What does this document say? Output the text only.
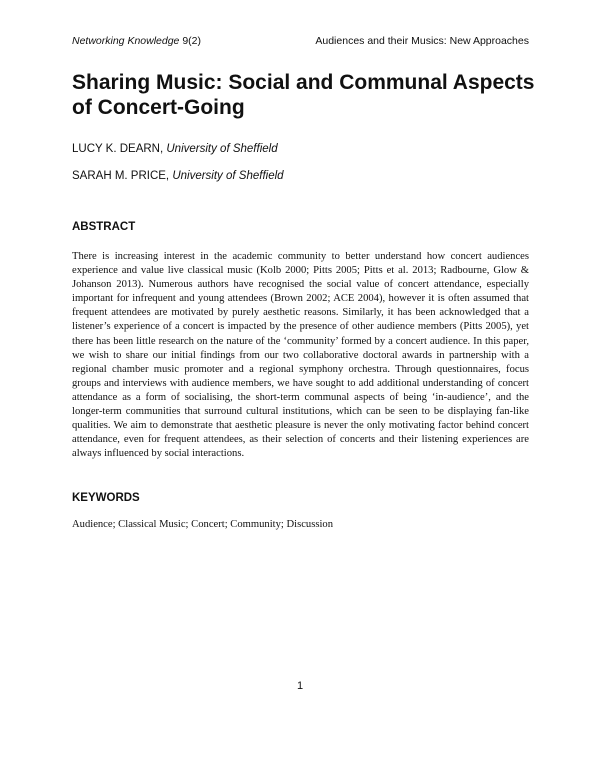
Networking Knowledge 9(2)	Audiences and their Musics: New Approaches
Sharing Music: Social and Communal Aspects of Concert-Going
LUCY K. DEARN, University of Sheffield
SARAH M. PRICE, University of Sheffield
ABSTRACT

There is increasing interest in the academic community to better understand how concert audiences experience and value live classical music (Kolb 2000; Pitts 2005; Pitts et al. 2013; Radbourne, Glow & Johanson 2013). Numerous authors have recognised the social value of concert attendance, especially important for infrequent and young attendees (Brown 2002; ACE 2004), however it is often assumed that frequent attendees are motivated by purely aesthetic reasons. Similarly, it has been acknowledged that a listener’s experience of a concert is impacted by the presence of other audience members (Pitts 2005), yet there has been little research on the nature of the ‘community’ formed by a concert audience. In this paper, we wish to share our initial findings from our two collaborative doctoral awards in partnership with a regional chamber music promoter and a regional symphony orchestra. Through questionnaires, focus groups and interviews with audience members, we have sought to add additional understanding of concert attendance as a form of socialising, the short-term communal aspects of being ‘in-audience’, and the longer-term communities that surround cultural institutions, which can be seen to be displaying fan-like qualities. We aim to demonstrate that aesthetic pleasure is never the only motivating factor behind concert attendance, even for frequent attendees, as their selection of concerts and their listening experiences are always influenced by social interactions.

KEYWORDS

Audience; Classical Music; Concert; Community; Discussion

1
